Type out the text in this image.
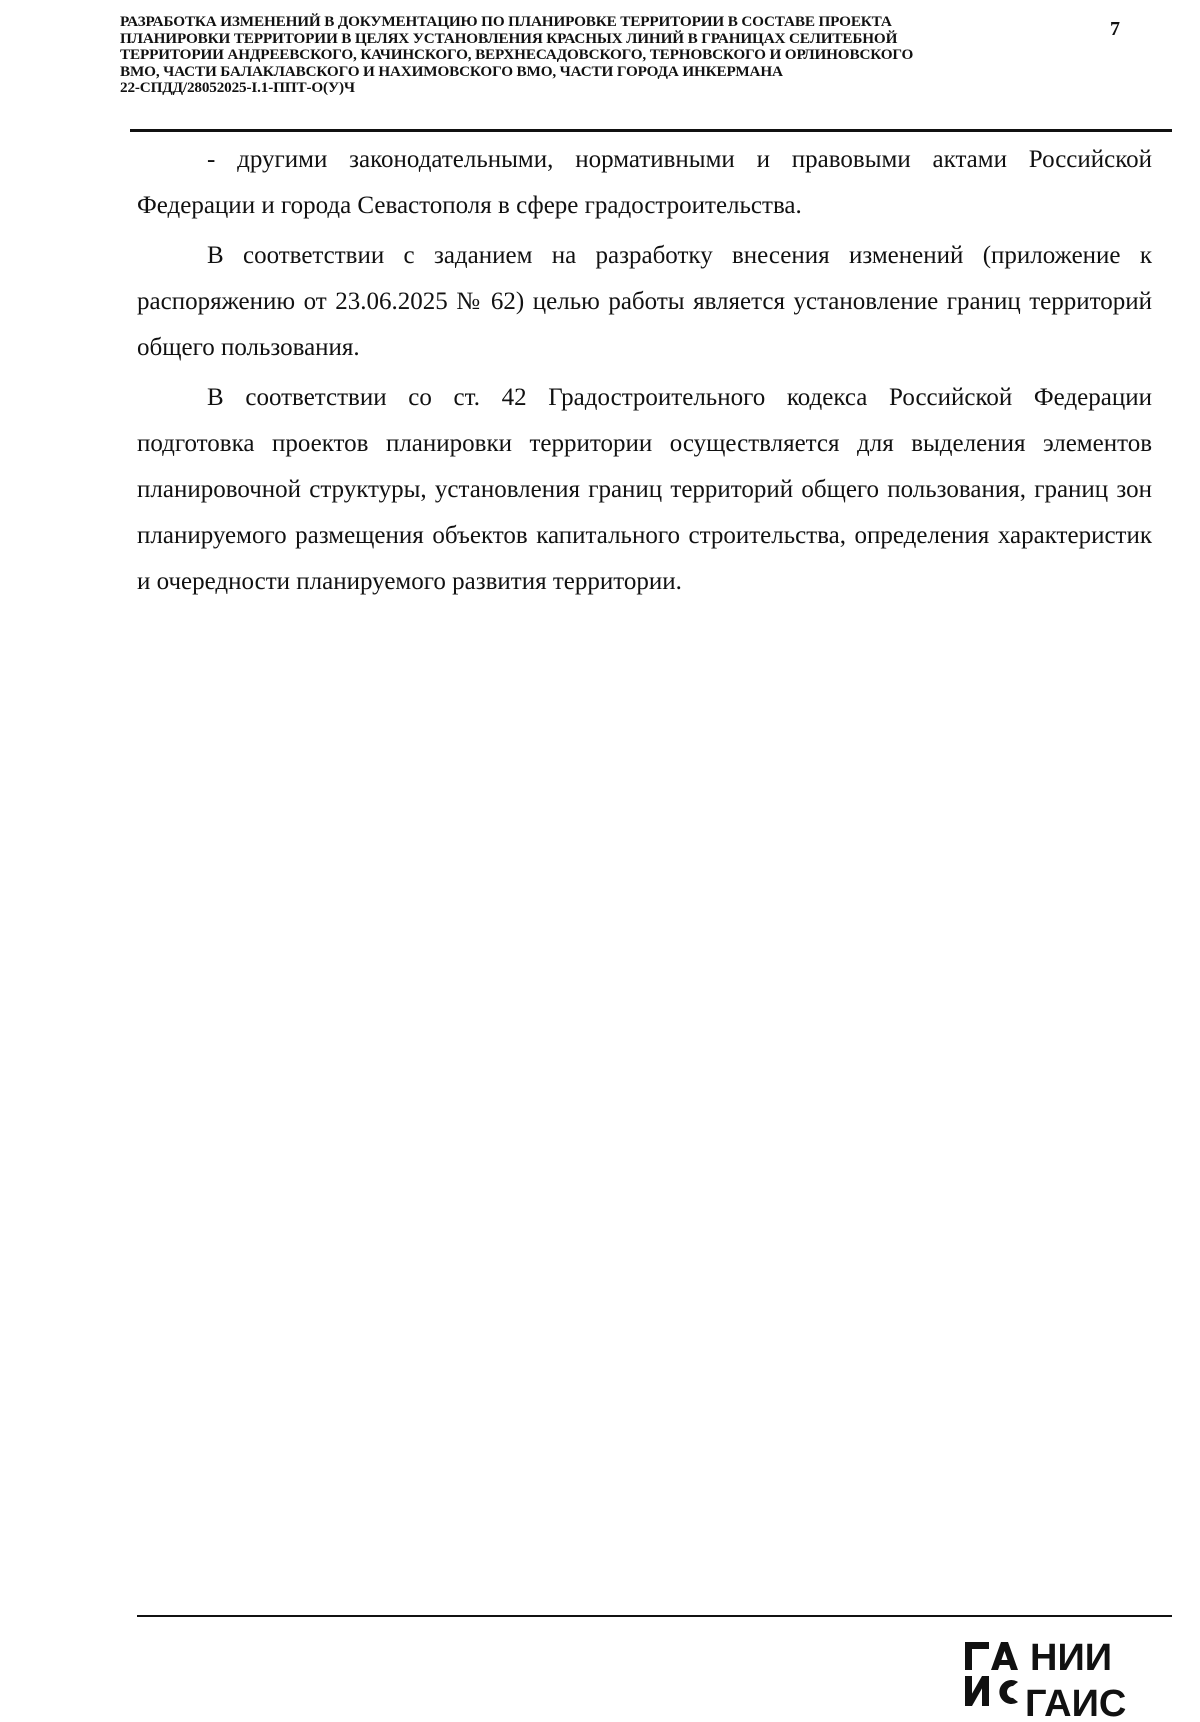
РАЗРАБОТКА ИЗМЕНЕНИЙ В ДОКУМЕНТАЦИЮ ПО ПЛАНИРОВКЕ ТЕРРИТОРИИ В СОСТАВЕ ПРОЕКТА
ПЛАНИРОВКИ ТЕРРИТОРИИ В ЦЕЛЯХ УСТАНОВЛЕНИЯ КРАСНЫХ ЛИНИЙ В ГРАНИЦАХ СЕЛИТЕБНОЙ
ТЕРРИТОРИИ АНДРЕЕВСКОГО, КАЧИНСКОГО, ВЕРХНЕСАДОВСКОГО, ТЕРНОВСКОГО И ОРЛИНОВСКОГО
ВМО, ЧАСТИ БАЛАКЛАВСКОГО И НАХИМОВСКОГО ВМО, ЧАСТИ ГОРОДА ИНКЕРМАНА
22-СПДД/28052025-I.1-ППТ-О(У)Ч
7

- другими законодательными, нормативными и правовыми актами Российской Федерации и города Севастополя в сфере градостроительства.

В соответствии с заданием на разработку внесения изменений (приложение к распоряжению от 23.06.2025 № 62) целью работы является установление границ территорий общего пользования.

В соответствии со ст. 42 Градостроительного кодекса Российской Федерации подготовка проектов планировки территории осуществляется для выделения элементов планировочной структуры, установления границ территорий общего пользования, границ зон планируемого размещения объектов капитального строительства, определения характеристик и очередности планируемого развития территории.

НИИ
ГАИС
